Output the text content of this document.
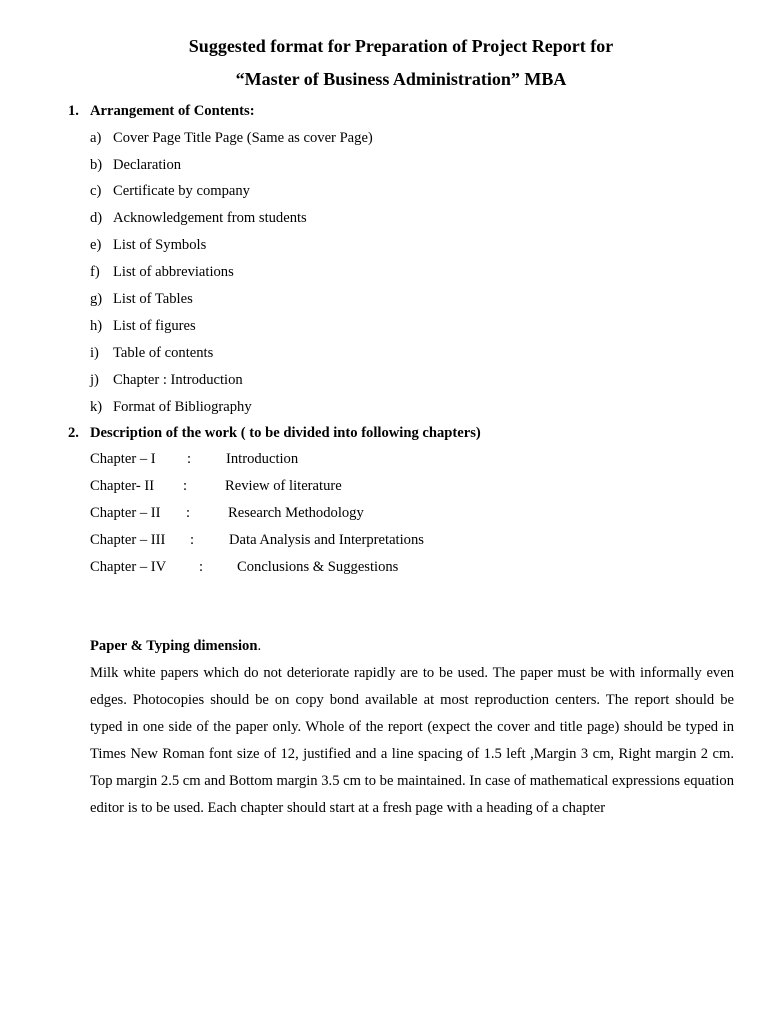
Suggested format for Preparation of Project Report for
“Master of Business Administration” MBA
1. Arrangement of Contents:
a) Cover Page Title Page (Same as cover Page)
b) Declaration
c) Certificate by company
d) Acknowledgement from students
e) List of Symbols
f) List of abbreviations
g) List of Tables
h) List of figures
i) Table of contents
j) Chapter : Introduction
k) Format of Bibliography
2. Description of the work ( to be divided into following chapters)
Chapter – I : Introduction
Chapter- II :	Review of literature
Chapter – II :	Research Methodology
Chapter – III : Data Analysis and Interpretations
Chapter – IV : Conclusions & Suggestions
Paper & Typing dimension.
Milk white papers which do not deteriorate rapidly are to be used. The paper must be with informally even edges. Photocopies should be on copy bond available at most reproduction centers. The report should be typed in one side of the paper only. Whole of the report (expect the cover and title page) should be typed in Times New Roman font size of 12, justified and a line spacing of 1.5 left ,Margin 3 cm, Right margin 2 cm. Top margin 2.5 cm and Bottom margin 3.5 cm to be maintained. In case of mathematical expressions equation editor is to be used. Each chapter should start at a fresh page with a heading of a chapter
